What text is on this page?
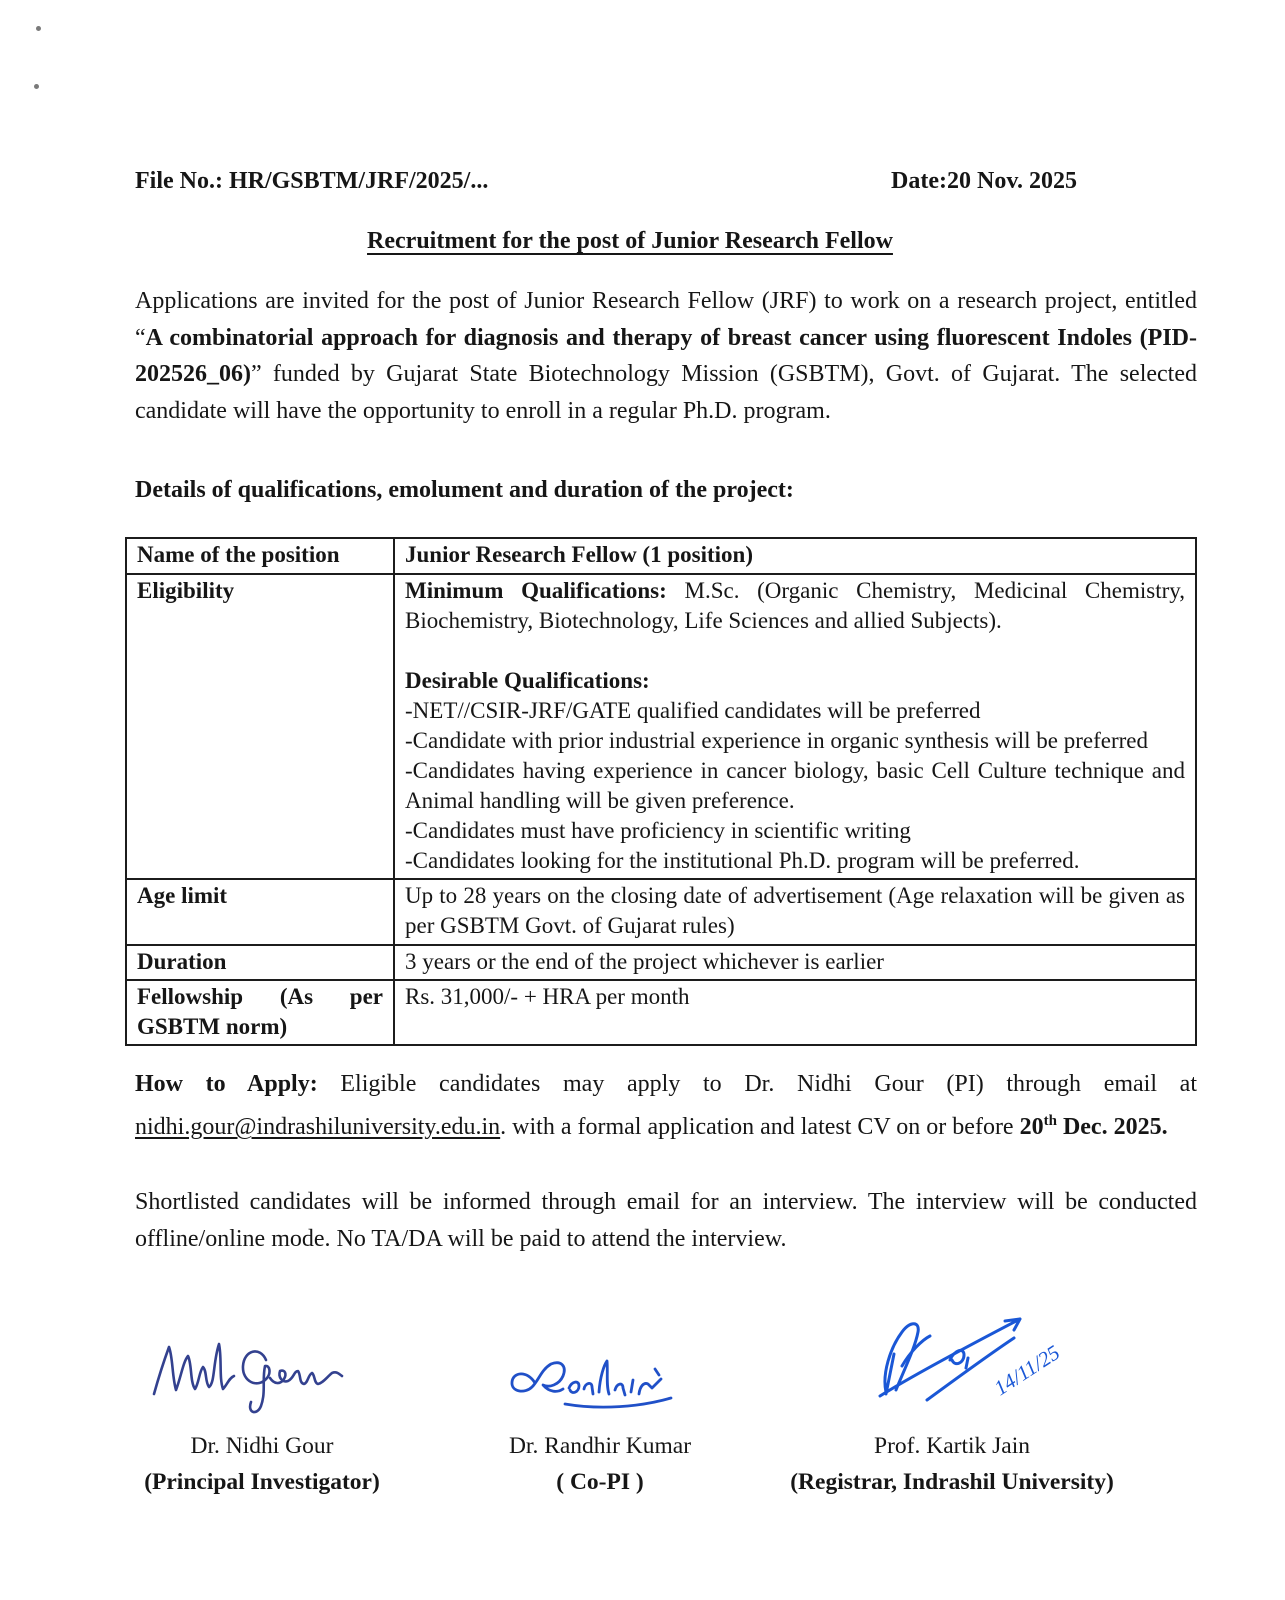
File No.: HR/GSBTM/JRF/2025/...	Date:20 Nov. 2025
Recruitment for the post of Junior Research Fellow

Applications are invited for the post of Junior Research Fellow (JRF) to work on a research project, entitled “A combinatorial approach for diagnosis and therapy of breast cancer using fluorescent Indoles (PID- 202526_06)” funded by Gujarat State Biotechnology Mission (GSBTM), Govt. of Gujarat. The selected candidate will have the opportunity to enroll in a regular Ph.D. program.

Details of qualifications, emolument and duration of the project:
Name of the position	Junior Research Fellow (1 position)
Eligibility	Minimum Qualifications: M.Sc. (Organic Chemistry, Medicinal Chemistry, Biochemistry, Biotechnology, Life Sciences and allied Subjects).
Desirable Qualifications:
-NET//CSIR-JRF/GATE qualified candidates will be preferred
-Candidate with prior industrial experience in organic synthesis will be preferred
-Candidates having experience in cancer biology, basic Cell Culture technique and Animal handling will be given preference.
-Candidates must have proficiency in scientific writing
-Candidates looking for the institutional Ph.D. program will be preferred.

Age limit	Up to 28 years on the closing date of advertisement (Age relaxation will be given as per GSBTM Govt. of Gujarat rules)
Duration	3 years or the end of the project whichever is earlier
Fellowship (As per GSBTM norm)	Rs. 31,000/- + HRA per month

How to Apply: Eligible candidates may apply to Dr. Nidhi Gour (PI) through email at nidhi.gour@indrashiluniversity.edu.in. with a formal application and latest CV on or before 20th Dec. 2025.

Shortlisted candidates will be informed through email for an interview. The interview will be conducted offline/online mode. No TA/DA will be paid to attend the interview.

14/11/25
Dr. Nidhi Gour
(Principal Investigator)
Dr. Randhir Kumar
( Co-PI )
Prof. Kartik Jain
(Registrar, Indrashil University)
